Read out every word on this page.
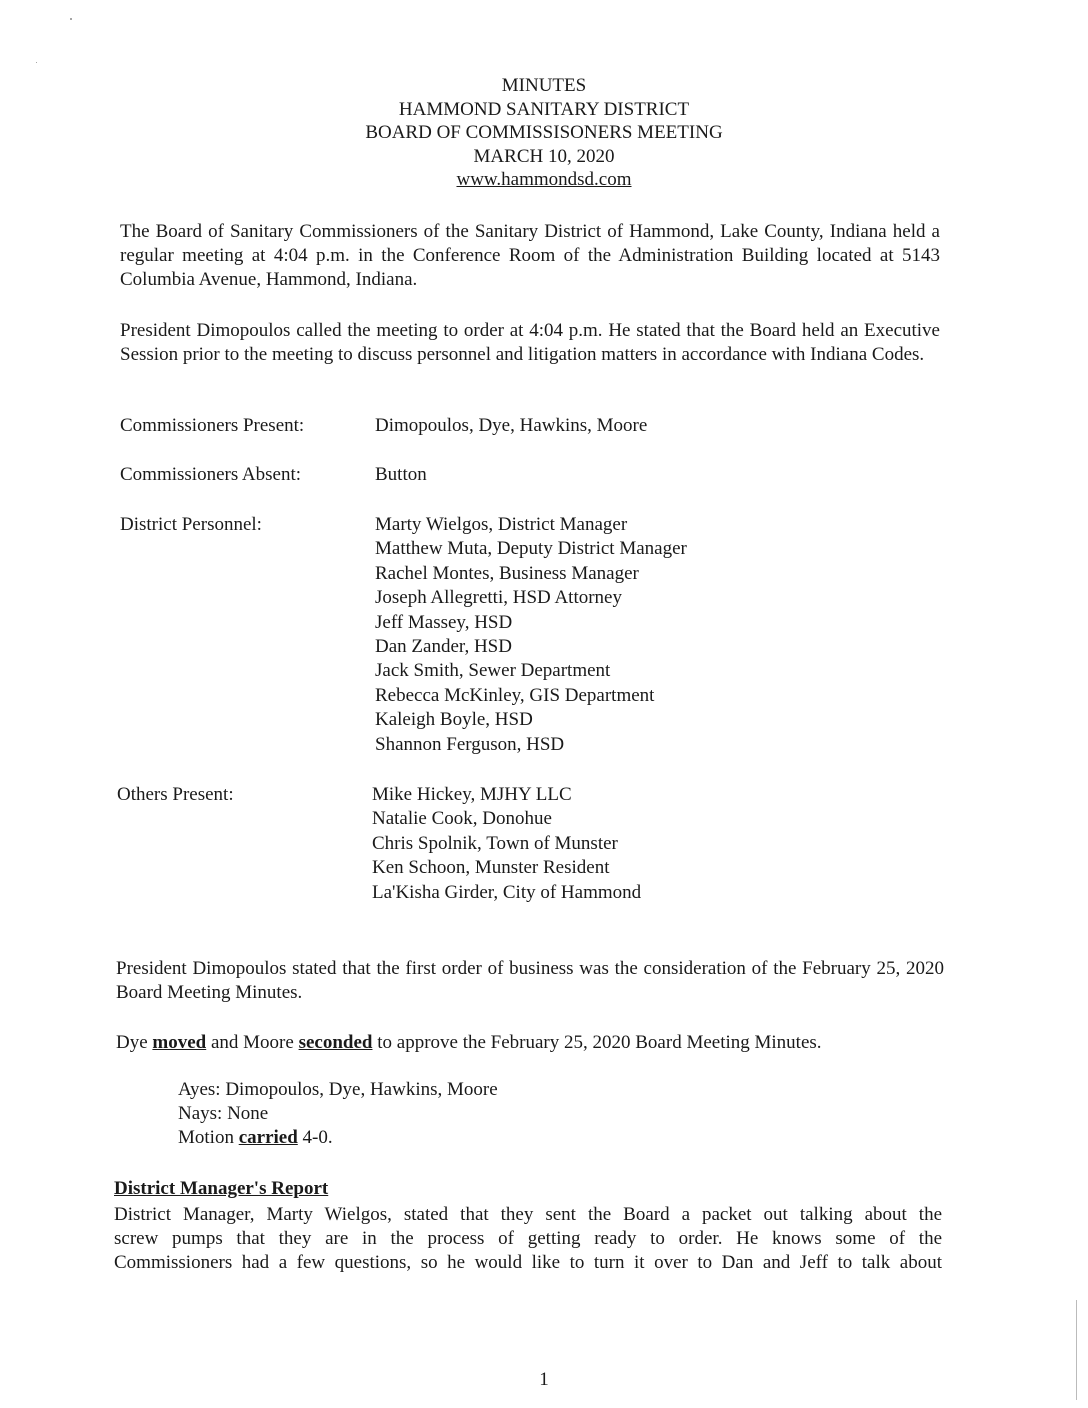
MINUTES
HAMMOND SANITARY DISTRICT
BOARD OF COMMISSISONERS MEETING
MARCH 10, 2020
www.hammondsd.com
The Board of Sanitary Commissioners of the Sanitary District of Hammond, Lake County, Indiana held a regular meeting at 4:04 p.m. in the Conference Room of the Administration Building located at 5143 Columbia Avenue, Hammond, Indiana.
President Dimopoulos called the meeting to order at 4:04 p.m. He stated that the Board held an Executive Session prior to the meeting to discuss personnel and litigation matters in accordance with Indiana Codes.
Commissioners Present:	Dimopoulos, Dye, Hawkins, Moore
Commissioners Absent:	Button
District Personnel:	Marty Wielgos, District Manager
Matthew Muta, Deputy District Manager
Rachel Montes, Business Manager
Joseph Allegretti, HSD Attorney
Jeff Massey, HSD
Dan Zander, HSD
Jack Smith, Sewer Department
Rebecca McKinley, GIS Department
Kaleigh Boyle, HSD
Shannon Ferguson, HSD
Others Present:	Mike Hickey, MJHY LLC
Natalie Cook, Donohue
Chris Spolnik, Town of Munster
Ken Schoon, Munster Resident
La'Kisha Girder, City of Hammond
President Dimopoulos stated that the first order of business was the consideration of the February 25, 2020 Board Meeting Minutes.
Dye moved and Moore seconded to approve the February 25, 2020 Board Meeting Minutes.
Ayes: Dimopoulos, Dye, Hawkins, Moore
Nays: None
Motion carried 4-0.
District Manager's Report
District Manager, Marty Wielgos, stated that they sent the Board a packet out talking about the
screw pumps that they are in the process of getting ready to order. He knows some of the
Commissioners had a few questions, so he would like to turn it over to Dan and Jeff to talk about
1
